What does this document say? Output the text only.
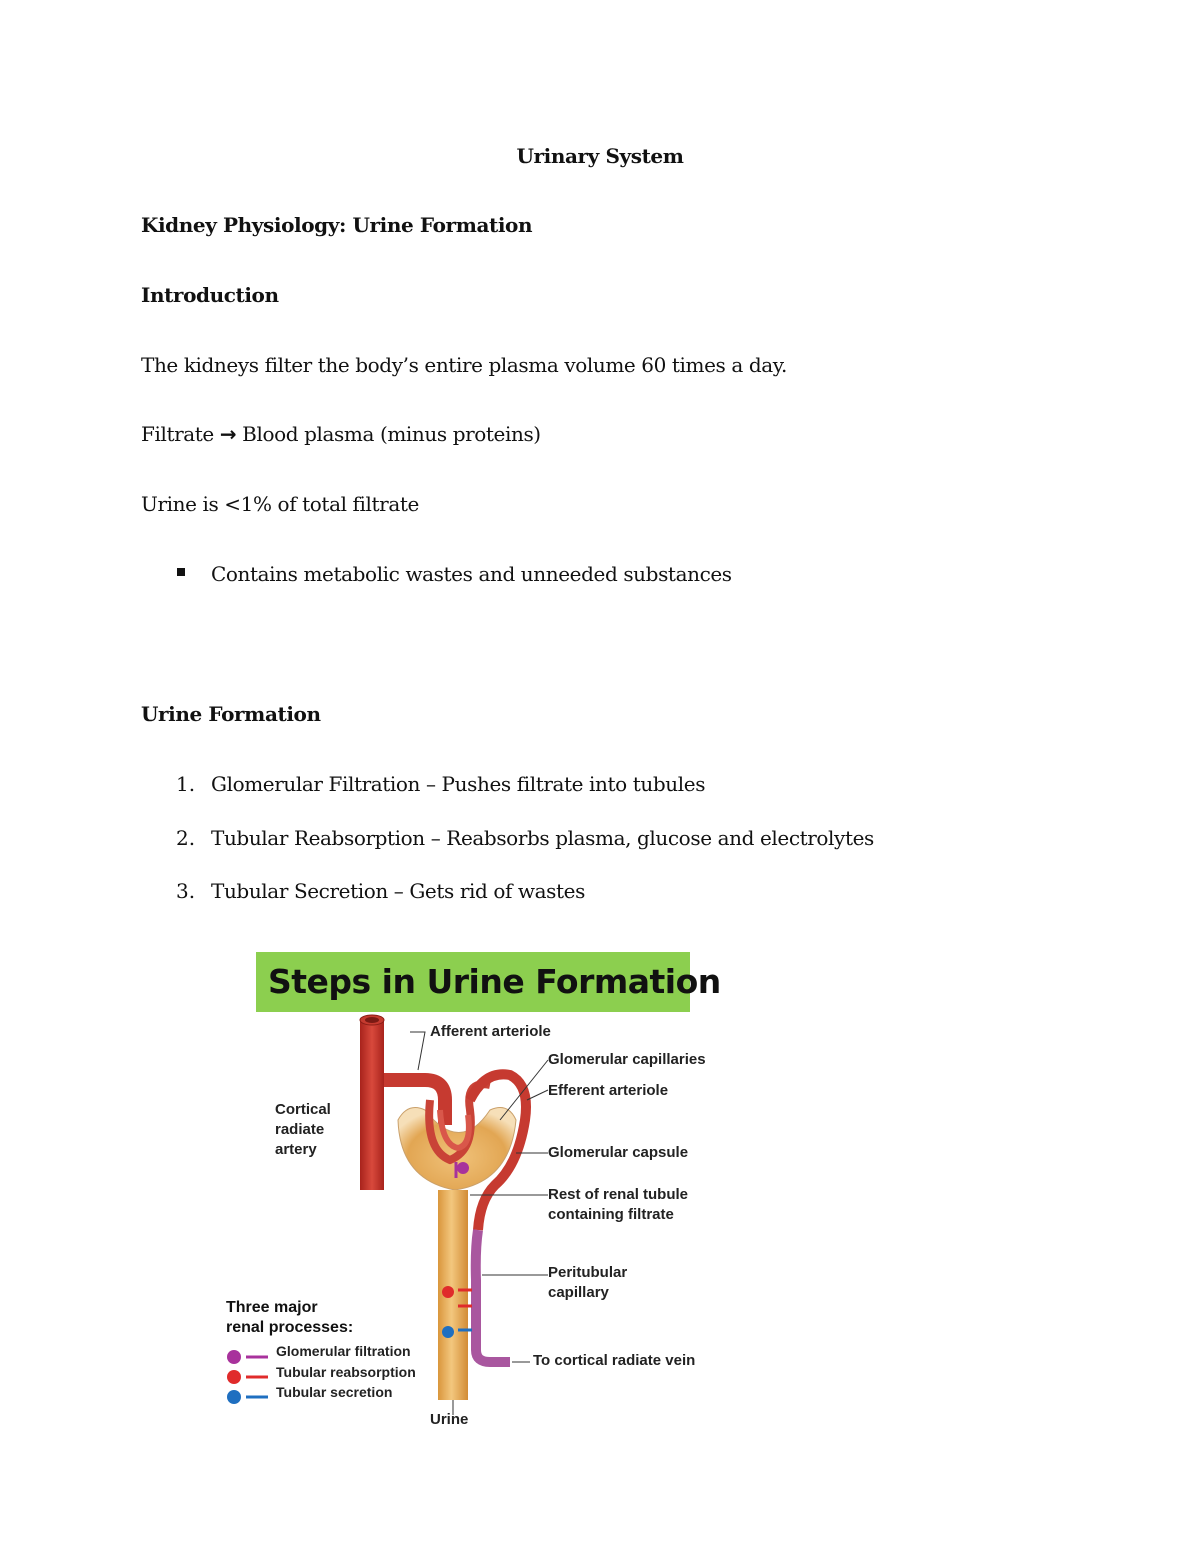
Urinary System
Kidney Physiology: Urine Formation
Introduction
The kidneys filter the body’s entire plasma volume 60 times a day.
Filtrate → Blood plasma (minus proteins)
Urine is <1% of total filtrate
Contains metabolic wastes and unneeded substances
Urine Formation
1. Glomerular Filtration – Pushes filtrate into tubules
2. Tubular Reabsorption – Reabsorbs plasma, glucose and electrolytes
3. Tubular Secretion – Gets rid of wastes
Steps in Urine Formation
Afferent arteriole
Glomerular capillaries
Efferent arteriole
Cortical
radiate
artery	Glomerular capsule
Rest of renal tubule
containing filtrate
Peritubular
capillary
To cortical radiate vein
Urine
Three major
renal processes:
Glomerular filtration
Tubular reabsorption
Tubular secretion
